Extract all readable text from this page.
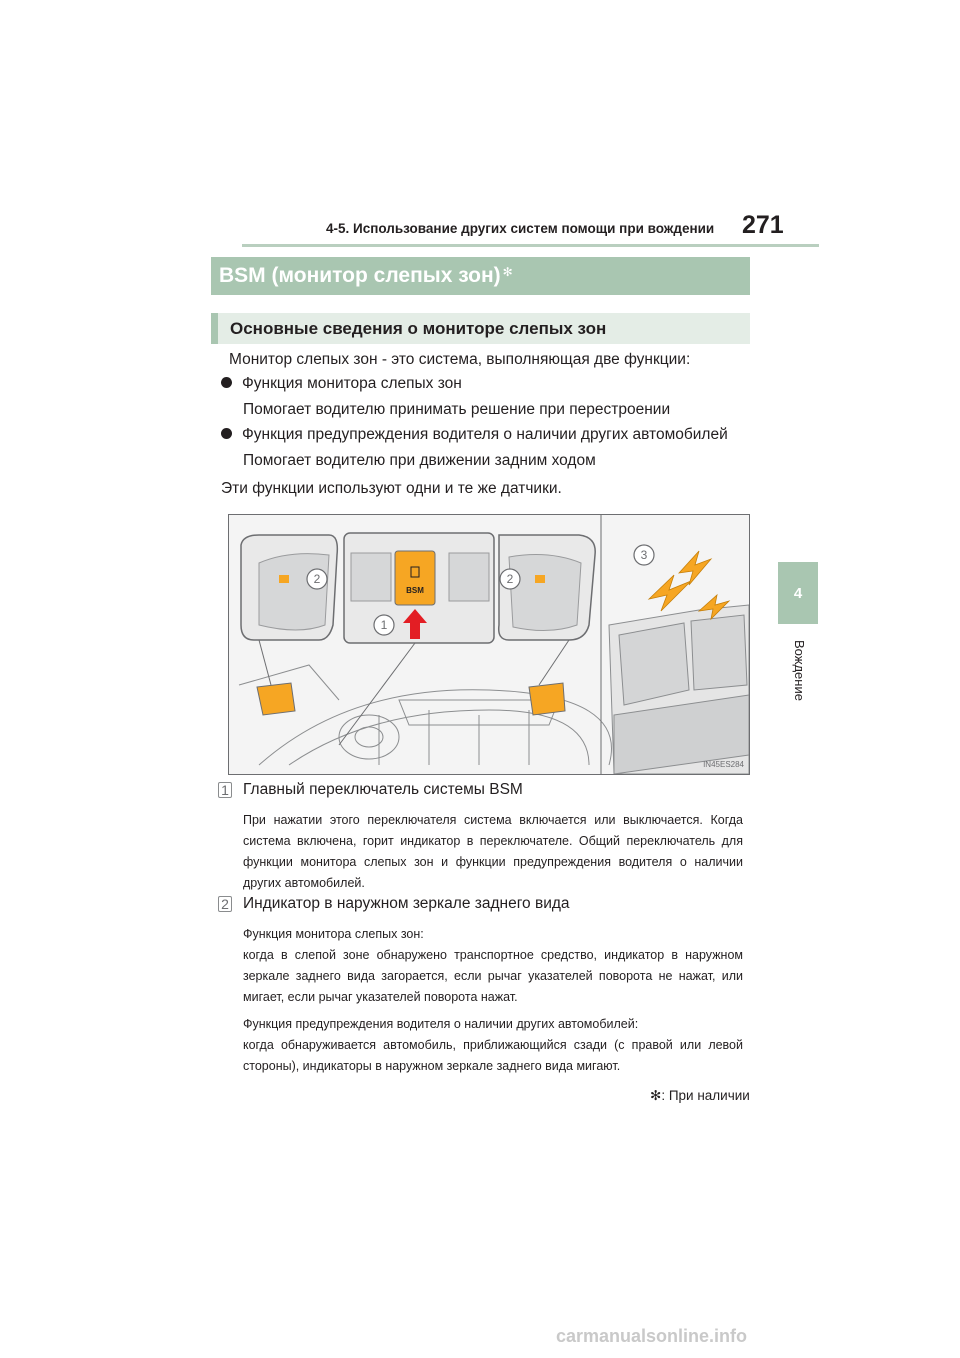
4-5. Использование других систем помощи при вождении 271
4
Вождение
BSM (монитор слепых зон)✻
Основные сведения о мониторе слепых зон
Монитор слепых зон - это система, выполняющая две функции:
Функция монитора слепых зон
Помогает водителю принимать решение при перестроении
Функция предупреждения водителя о наличии других автомобилей
Помогает водителю при движении задним ходом
Эти функции используют одни и те же датчики.
BSM
1
2	2
3
IN45ES284
1 Главный переключатель системы BSM

При нажатии этого переключателя система включается или выключается. Когда система включена, горит индикатор в переключателе. Общий переключатель для функции монитора слепых зон и функции предупреждения водителя о наличии других автомобилей.

2 Индикатор в наружном зеркале заднего вида

Функция монитора слепых зон:

когда в слепой зоне обнаружено транспортное средство, индикатор в наружном зеркале заднего вида загорается, если рычаг указателей поворота не нажат, или мигает, если рычаг указателей поворота нажат.

Функция предупреждения водителя о наличии других автомобилей:

когда обнаруживается автомобиль, приближающийся сзади (с правой или левой стороны), индикаторы в наружном зеркале заднего вида мигают.

✻: При наличии
carmanualsonline.info
